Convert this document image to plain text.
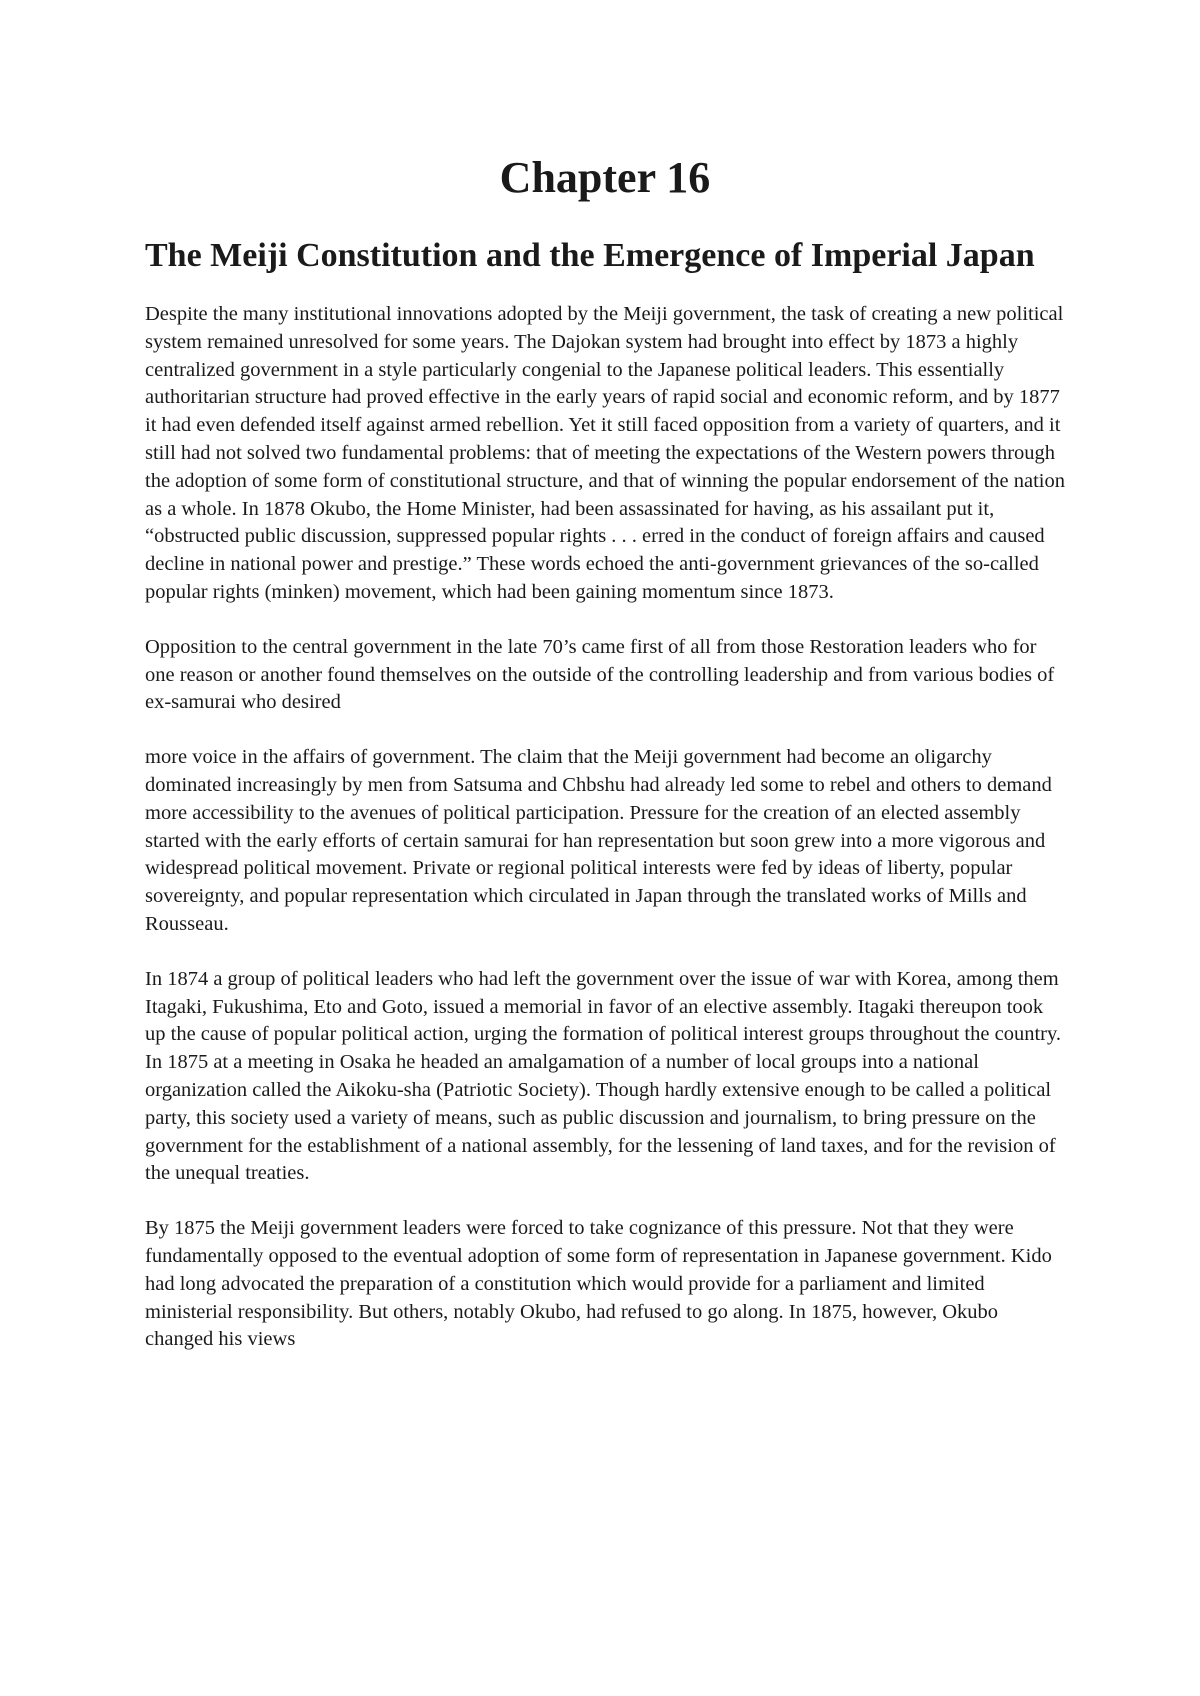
Chapter 16
The Meiji Constitution and the Emergence of Imperial Japan

Despite the many institutional innovations adopted by the Meiji government, the task of creating a new political system remained unresolved for some years. The Dajokan system had brought into effect by 1873 a highly centralized government in a style particularly congenial to the Japanese political leaders. This essentially authoritarian structure had proved effective in the early years of rapid social and economic reform, and by 1877 it had even defended itself against armed rebellion. Yet it still faced opposition from a variety of quarters, and it still had not solved two fundamental problems: that of meeting the expectations of the Western powers through the adoption of some form of constitutional structure, and that of winning the popular endorsement of the nation as a whole. In 1878 Okubo, the Home Minister, had been assassinated for having, as his assailant put it, “obstructed public discussion, suppressed popular rights . . . erred in the conduct of foreign affairs and caused decline in national power and prestige.” These words echoed the anti-government grievances of the so-called popular rights (minken) movement, which had been gaining momentum since 1873.

Opposition to the central government in the late 70’s came first of all from those Restoration leaders who for one reason or another found themselves on the outside of the controlling leadership and from various bodies of ex-samurai who desired

more voice in the affairs of government. The claim that the Meiji government had become an oligarchy dominated increasingly by men from Satsuma and Chbshu had already led some to rebel and others to demand more accessibility to the avenues of political participation. Pressure for the creation of an elected assembly started with the early efforts of certain samurai for han representation but soon grew into a more vigorous and widespread political movement. Private or regional political interests were fed by ideas of liberty, popular sovereignty, and popular representation which circulated in Japan through the translated works of Mills and Rousseau.

In 1874 a group of political leaders who had left the government over the issue of war with Korea, among them Itagaki, Fukushima, Eto and Goto, issued a memorial in favor of an elective assembly. Itagaki thereupon took up the cause of popular political action, urging the formation of political interest groups throughout the country. In 1875 at a meeting in Osaka he headed an amalgamation of a number of local groups into a national organization called the Aikoku-sha (Patriotic Society). Though hardly extensive enough to be called a political party, this society used a variety of means, such as public discussion and journalism, to bring pressure on the government for the establishment of a national assembly, for the lessening of land taxes, and for the revision of the unequal treaties.

By 1875 the Meiji government leaders were forced to take cognizance of this pressure. Not that they were fundamentally opposed to the eventual adoption of some form of representation in Japanese government. Kido had long advocated the preparation of a constitution which would provide for a parliament and limited ministerial responsibility. But others, notably Okubo, had refused to go along. In 1875, however, Okubo changed his views
